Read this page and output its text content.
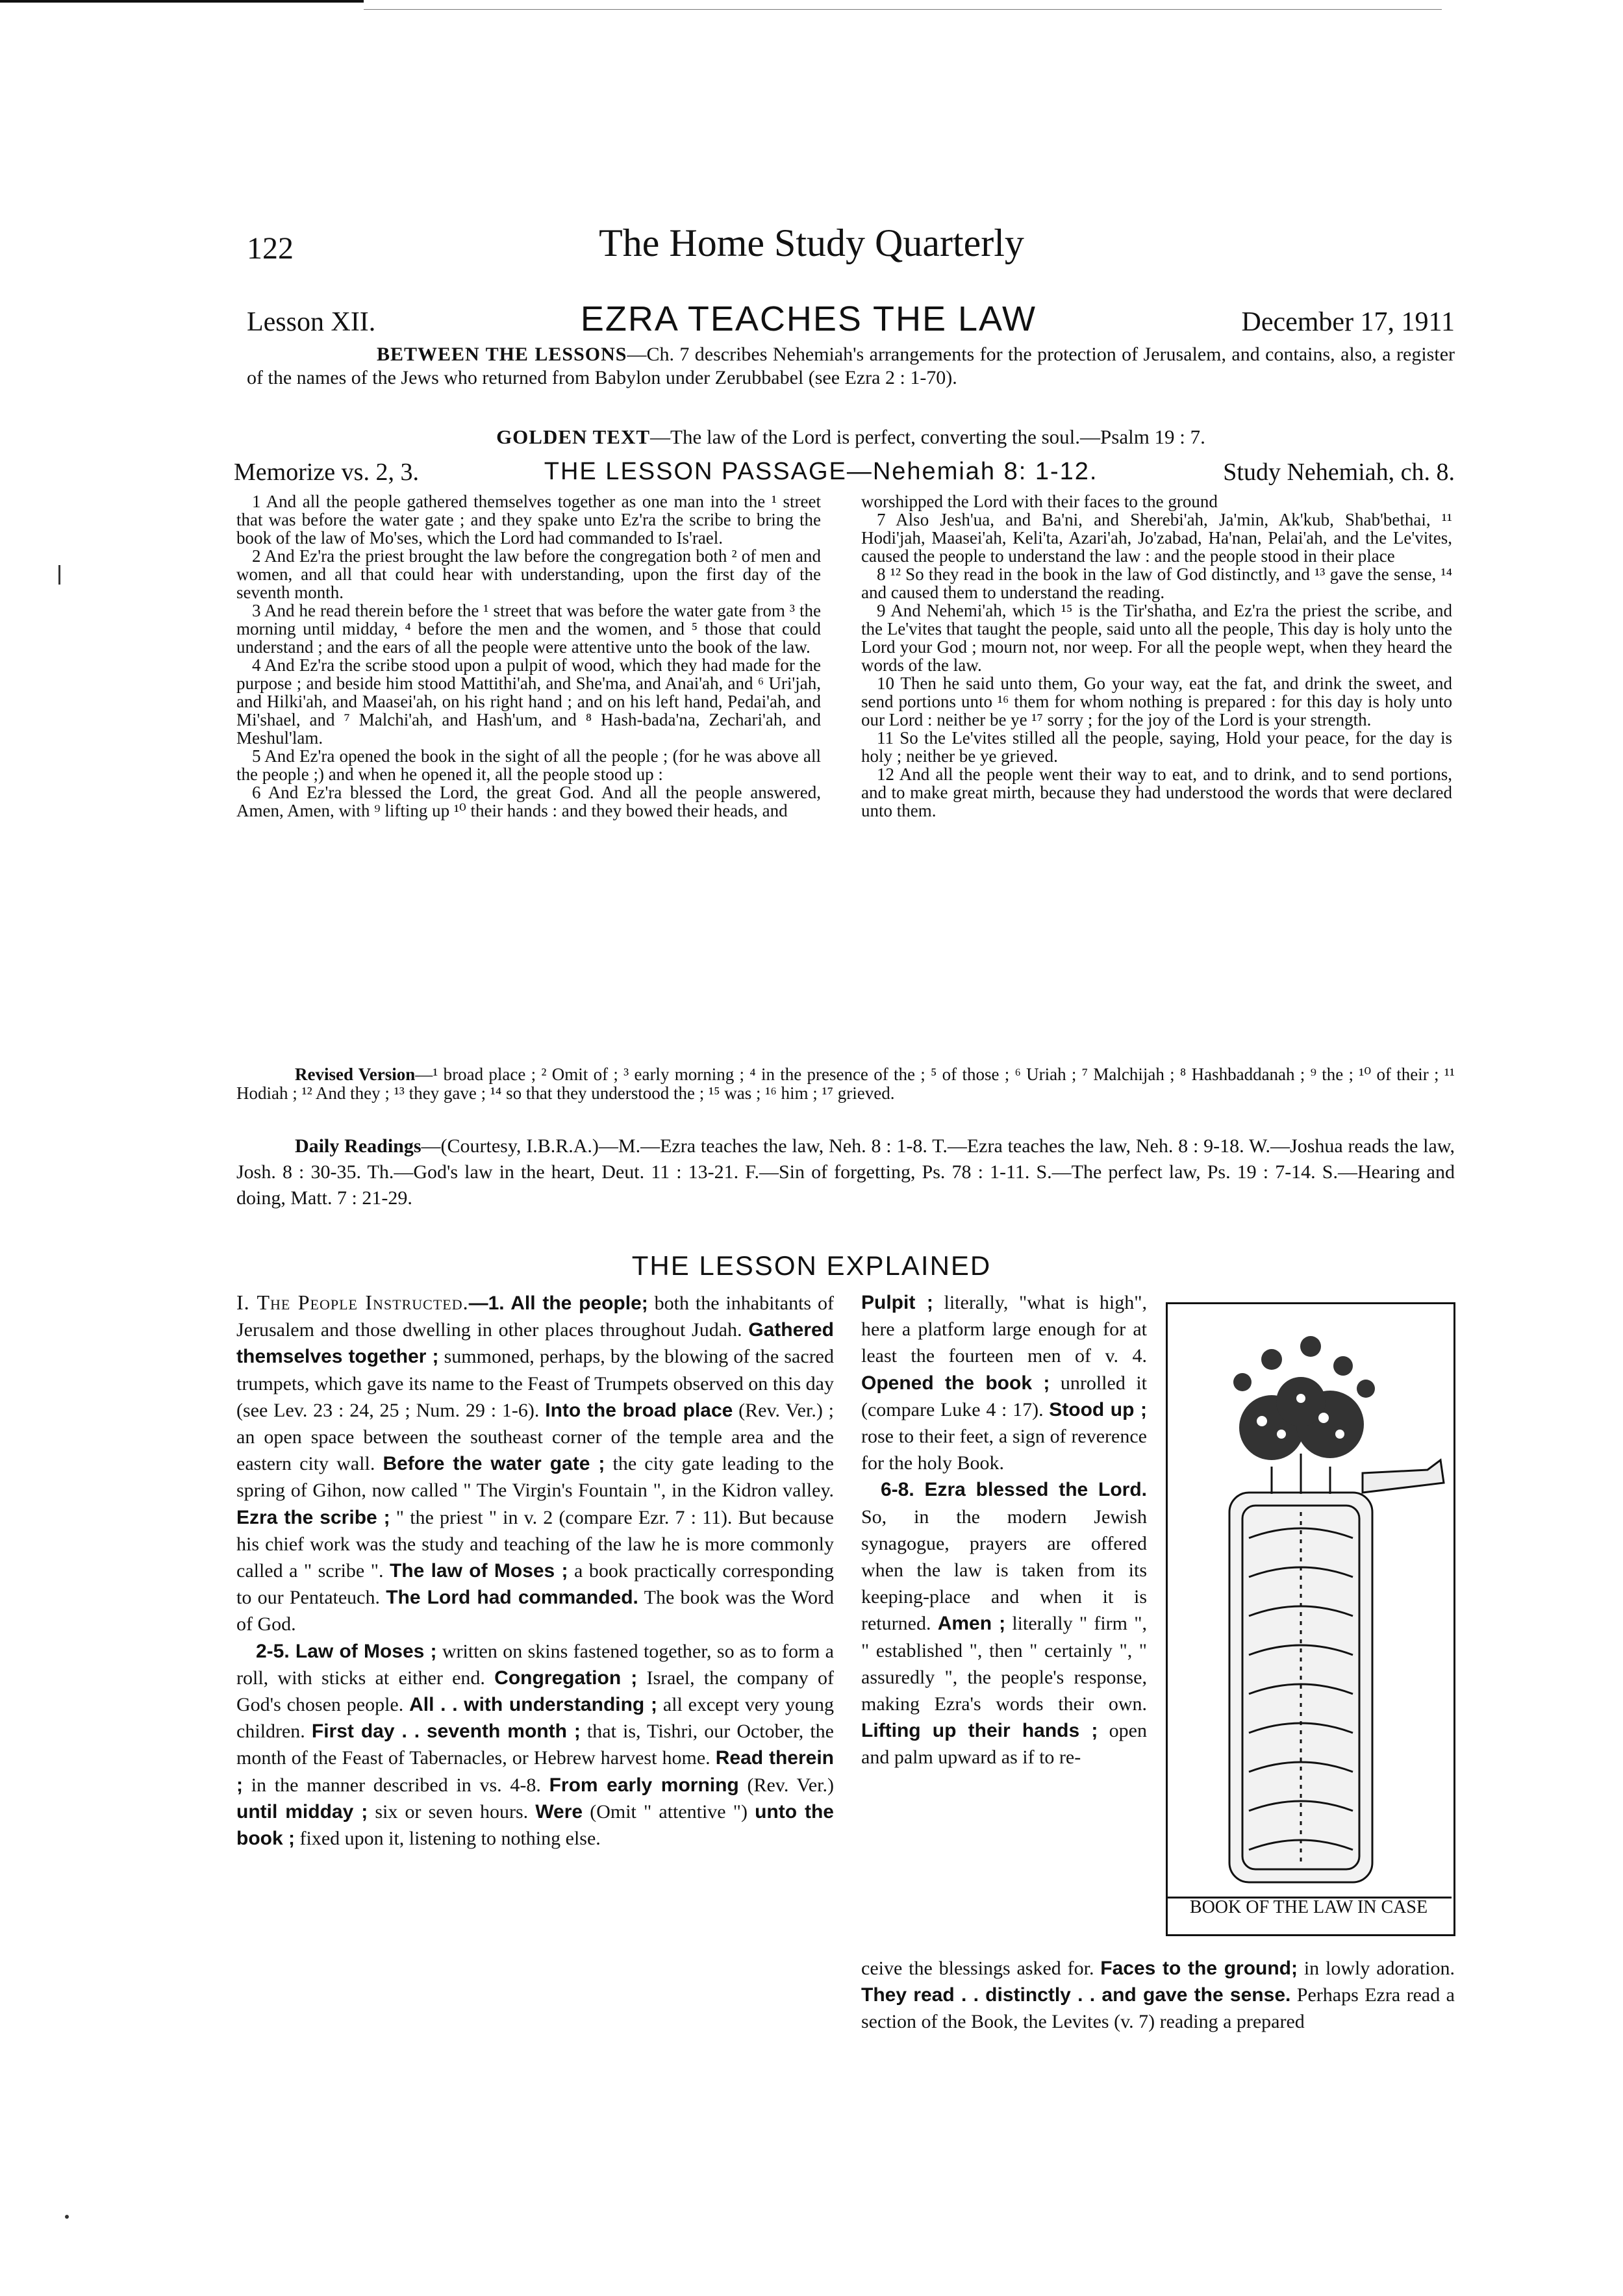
122	The Home Study Quarterly
Lesson XII.	EZRA TEACHES THE LAW	December 17, 1911
BETWEEN THE LESSONS—Ch. 7 describes Nehemiah's arrangements for the protection of Jerusalem, and contains, also, a register of the names of the Jews who returned from Babylon under Zerubbabel (see Ezra 2 : 1-70).
GOLDEN TEXT—The law of the Lord is perfect, converting the soul.—Psalm 19 : 7.
Memorize vs. 2, 3.	THE LESSON PASSAGE—Nehemiah 8: 1-12.	Study Nehemiah, ch. 8.

1 And all the people gathered themselves together as one man into the ¹ street that was before the water gate ; and they spake unto Ez'ra the scribe to bring the book of the law of Mo'ses, which the Lord had commanded to Is'rael.

2 And Ez'ra the priest brought the law before the congregation both ² of men and women, and all that could hear with understanding, upon the first day of the seventh month.

3 And he read therein before the ¹ street that was before the water gate from ³ the morning until midday, ⁴ before the men and the women, and ⁵ those that could understand ; and the ears of all the people were attentive unto the book of the law.

4 And Ez'ra the scribe stood upon a pulpit of wood, which they had made for the purpose ; and beside him stood Mattithi'ah, and She'ma, and Anai'ah, and ⁶ Uri'jah, and Hilki'ah, and Maasei'ah, on his right hand ; and on his left hand, Pedai'ah, and Mi'shael, and ⁷ Malchi'ah, and Hash'um, and ⁸ Hash-bada'na, Zechari'ah, and Meshul'lam.

5 And Ez'ra opened the book in the sight of all the people ; (for he was above all the people ;) and when he opened it, all the people stood up :

6 And Ez'ra blessed the Lord, the great God. And all the people answered, Amen, Amen, with ⁹ lifting up ¹⁰ their hands : and they bowed their heads, and

worshipped the Lord with their faces to the ground

7 Also Jesh'ua, and Ba'ni, and Sherebi'ah, Ja'min, Ak'kub, Shab'bethai, ¹¹ Hodi'jah, Maasei'ah, Keli'ta, Azari'ah, Jo'zabad, Ha'nan, Pelai'ah, and the Le'vites, caused the people to understand the law : and the people stood in their place

8 ¹² So they read in the book in the law of God distinctly, and ¹³ gave the sense, ¹⁴ and caused them to understand the reading.

9 And Nehemi'ah, which ¹⁵ is the Tir'shatha, and Ez'ra the priest the scribe, and the Le'vites that taught the people, said unto all the people, This day is holy unto the Lord your God ; mourn not, nor weep. For all the people wept, when they heard the words of the law.

10 Then he said unto them, Go your way, eat the fat, and drink the sweet, and send portions unto ¹⁶ them for whom nothing is prepared : for this day is holy unto our Lord : neither be ye ¹⁷ sorry ; for the joy of the Lord is your strength.

11 So the Le'vites stilled all the people, saying, Hold your peace, for the day is holy ; neither be ye grieved.

12 And all the people went their way to eat, and to drink, and to send portions, and to make great mirth, because they had understood the words that were declared unto them.

Revised Version—¹ broad place ; ² Omit of ; ³ early morning ; ⁴ in the presence of the ; ⁵ of those ; ⁶ Uriah ; ⁷ Malchijah ; ⁸ Hashbaddanah ; ⁹ the ; ¹⁰ of their ; ¹¹ Hodiah ; ¹² And they ; ¹³ they gave ; ¹⁴ so that they understood the ; ¹⁵ was ; ¹⁶ him ; ¹⁷ grieved.
Daily Readings—(Courtesy, I.B.R.A.)—M.—Ezra teaches the law, Neh. 8 : 1-8. T.—Ezra teaches the law, Neh. 8 : 9-18. W.—Joshua reads the law, Josh. 8 : 30-35. Th.—God's law in the heart, Deut. 11 : 13-21. F.—Sin of forgetting, Ps. 78 : 1-11. S.—The perfect law, Ps. 19 : 7-14. S.—Hearing and doing, Matt. 7 : 21-29.
THE LESSON EXPLAINED
I. The People Instructed.—1. All the people; both the inhabitants of Jerusalem and those dwelling in other places throughout Judah. Gathered themselves together ; summoned, perhaps, by the blowing of the sacred trumpets, which gave its name to the Feast of Trumpets observed on this day (see Lev. 23 : 24, 25 ; Num. 29 : 1-6). Into the broad place (Rev. Ver.) ; an open space between the southeast corner of the temple area and the eastern city wall. Before the water gate ; the city gate leading to the spring of Gihon, now called " The Virgin's Fountain ", in the Kidron valley. Ezra the scribe ; " the priest " in v. 2 (compare Ezr. 7 : 11). But because his chief work was the study and teaching of the law he is more commonly called a " scribe ". The law of Moses ; a book practically corresponding to our Pentateuch. The Lord had commanded. The book was the Word of God.
2-5. Law of Moses ; written on skins fastened together, so as to form a roll, with sticks at either end. Congregation ; Israel, the company of God's chosen people. All . . with understanding ; all except very young children. First day . . seventh month ; that is, Tishri, our October, the month of the Feast of Tabernacles, or Hebrew harvest home. Read therein ; in the manner described in vs. 4-8. From early morning (Rev. Ver.) until midday ; six or seven hours. Were (Omit " attentive ") unto the book ; fixed upon it, listening to nothing else.
Pulpit ; literally, "what is high", here a platform large enough for at least the fourteen men of v. 4. Opened the book ; unrolled it (compare Luke 4 : 17). Stood up ; rose to their feet, a sign of reverence for the holy Book.
6-8. Ezra blessed the Lord. So, in the modern Jewish synagogue, prayers are offered when the law is taken from its keeping-place and when it is returned. Amen ; literally " firm ", " established ", then " certainly ", " assuredly ", the people's response, making Ezra's words their own. Lifting up their hands ; open and palm upward as if to re-
BOOK OF THE LAW IN CASE
ceive the blessings asked for. Faces to the ground; in lowly adoration. They read . . distinctly . . and gave the sense. Perhaps Ezra read a section of the Book, the Levites (v. 7) reading a prepared
